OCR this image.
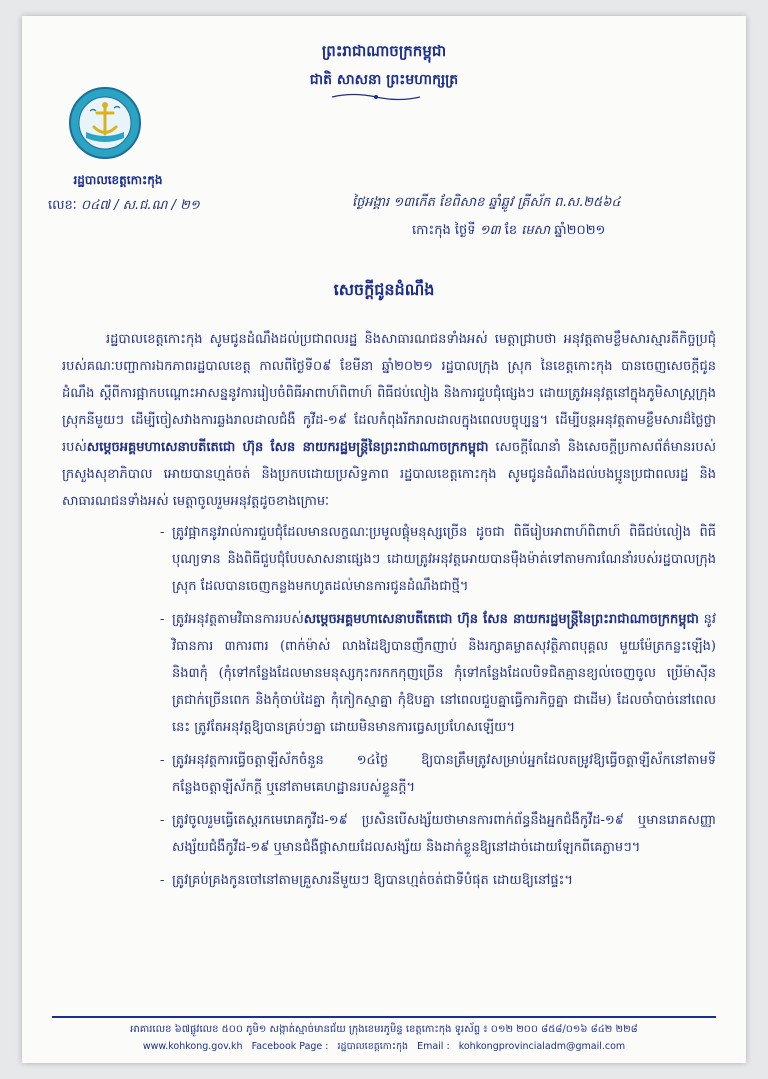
ព្រះរាជាណាចក្រកម្ពុជា
ជាតិ សាសនា ព្រះមហាក្សត្រ
រដ្ឋបាលខេត្តកោះកុង
លេខៈ ០៤៧ / ស.ជ.ណ / ២១	ថ្ងៃអង្គារ ១៣កើត ខែពិសាខ ឆ្នាំឆ្លូវ ត្រីស័ក ព.ស.២៥៦៤
កោះកុង ថ្ងៃទី ១៣ ខែ មេសា ឆ្នាំ២០២១
សេចក្តីជូនដំណឹង

រដ្ឋបាលខេត្តកោះកុង សូមជូនដំណឹងដល់ប្រជាពលរដ្ឋ និងសាធារណជនទាំងអស់ មេត្តាជ្រាបថា អនុវត្តតាមខ្លឹមសារស្មារតីកិច្ចប្រជុំរបស់គណៈបញ្ជាការឯកភាពរដ្ឋបាលខេត្ត កាលពីថ្ងៃទី០៩ ខែមីនា ឆ្នាំ២០២១ រដ្ឋបាលក្រុង ស្រុក នៃខេត្តកោះកុង បានចេញសេចក្តីជូនដំណឹង ស្តីពីការផ្អាកបណ្តោះអាសន្ននូវការរៀបចំពិធីអាពាហ៍ពិពាហ៍ ពិធីជប់លៀង និងការជួបជុំផ្សេងៗ ដោយត្រូវអនុវត្តនៅក្នុងភូមិសាស្ត្រក្រុង ស្រុកនីមួយៗ ដើម្បីចៀសវាងការឆ្លងរាលដាលជំងឺ កូវីដ-១៩ ដែលកំពុងរីករាលដាលក្នុងពេលបច្ចុប្បន្ន។ ដើម្បីបន្តអនុវត្តតាមខ្លឹមសារដ៏ថ្លៃថ្លារបស់សម្តេចអគ្គមហាសេនាបតីតេជោ ហ៊ុន សែន នាយករដ្ឋមន្ត្រីនៃព្រះរាជាណាចក្រកម្ពុជា សេចក្តីណែនាំ និងសេចក្តីប្រកាសព័ត៌មានរបស់ក្រសួងសុខាភិបាល អោយបានហ្មត់ចត់ និងប្រកបដោយប្រសិទ្ធភាព រដ្ឋបាលខេត្តកោះកុង សូមជូនដំណឹងដល់បងប្អូនប្រជាពលរដ្ឋ និងសាធារណជនទាំងអស់ មេត្តាចូលរួមអនុវត្តដូចខាងក្រោមៈ

- ត្រូវផ្អាកនូវរាល់ការជួបជុំដែលមានលក្ខណៈប្រមូលផ្តុំមនុស្សច្រើន ដូចជា ពិធីរៀបអាពាហ៍ពិពាហ៍ ពិធីជប់លៀង ពិធីបុណ្យទាន និងពិធីជួបជុំបែបសាសនាផ្សេងៗ ដោយត្រូវអនុវត្តអោយបានម៉ឺងម៉ាត់ទៅតាមការណែនាំរបស់រដ្ឋបាលក្រុង ស្រុក ដែលបានចេញកន្លងមកហូតដល់មានការជូនដំណឹងជាថ្មី។
- ត្រូវអនុវត្តតាមវិធានការរបស់សម្តេចអគ្គមហាសេនាបតីតេជោ ហ៊ុន សែន នាយករដ្ឋមន្ត្រីនៃព្រះរាជាណាចក្រកម្ពុជា នូវវិធានការ ៣ការពារ (ពាក់ម៉ាស់ លាងដៃឱ្យបានញឹកញាប់ និងរក្សាគម្លាតសុវត្ថិភាពបុគ្គល មួយម៉ែត្រកន្លះឡើង) និង៣កុំ (កុំទៅកន្លែងដែលមានមនុស្សកុះករកកកុញច្រើន កុំទៅកន្លែងដែលបិទជិតគ្មានខ្យល់ចេញចូល ប្រើម៉ាស៊ីនត្រជាក់ច្រើនពេក និងកុំចាប់ដៃគ្នា កុំកៀកស្មាគ្នា កុំឱបគ្នា នៅពេលជួបគ្នាធ្វើការកិច្ចគ្នា ជាដើម) ដែលចាំបាច់នៅពេលនេះ ត្រូវតែអនុវត្តឱ្យបានគ្រប់ៗគ្នា ដោយមិនមានការធ្វេសប្រហែសឡើយ។
- ត្រូវអនុវត្តការធ្វើចត្តាឡីស័កចំនួន ១៤ថ្ងៃ ឱ្យបានត្រឹមត្រូវសម្រាប់អ្នកដែលតម្រូវឱ្យធ្វើចត្តាឡីស័កនៅតាមទីកន្លែងចត្តាឡីស័កក្តី ឬនៅតាមគេហដ្ឋានរបស់ខ្លួនក្តី។
- ត្រូវចូលរួមធ្វើតេស្តរកមេរោគកូវីដ-១៩ ប្រសិនបើសង្ស័យថាមានការពាក់ព័ន្ធនឹងអ្នកជំងឺកូវីដ-១៩ ឬមានរោគសញ្ញាសង្ស័យជំងឺកូវីដ-១៩ ឬមានជំងឺផ្តាសាយដែលសង្ស័យ និងដាក់ខ្លួនឱ្យនៅដាច់ដោយឡែកពីគេភ្លាមៗ។
- ត្រូវគ្រប់គ្រងកូនចៅនៅតាមគ្រួសារនីមួយៗ ឱ្យបានហ្មត់ចត់ជាទីបំផុត ដោយឱ្យនៅផ្ទះ។
អាគារលេខ ៦៧ផ្លូវលេខ ៥០០ ភូមិ១ សង្កាត់ស្មាច់មានជ័យ ក្រុងខេមរភូមិន្ទ ខេត្តកោះកុង ទូរស័ព្ទ ៖ ០១២ ២០០ ៨៥៨/០១៦ ៨៤២ ២២៨
www.kohkong.gov.kh Facebook Page : រដ្ឋបាលខេត្តកោះកុង Email : kohkongprovincialadm@gmail.com
